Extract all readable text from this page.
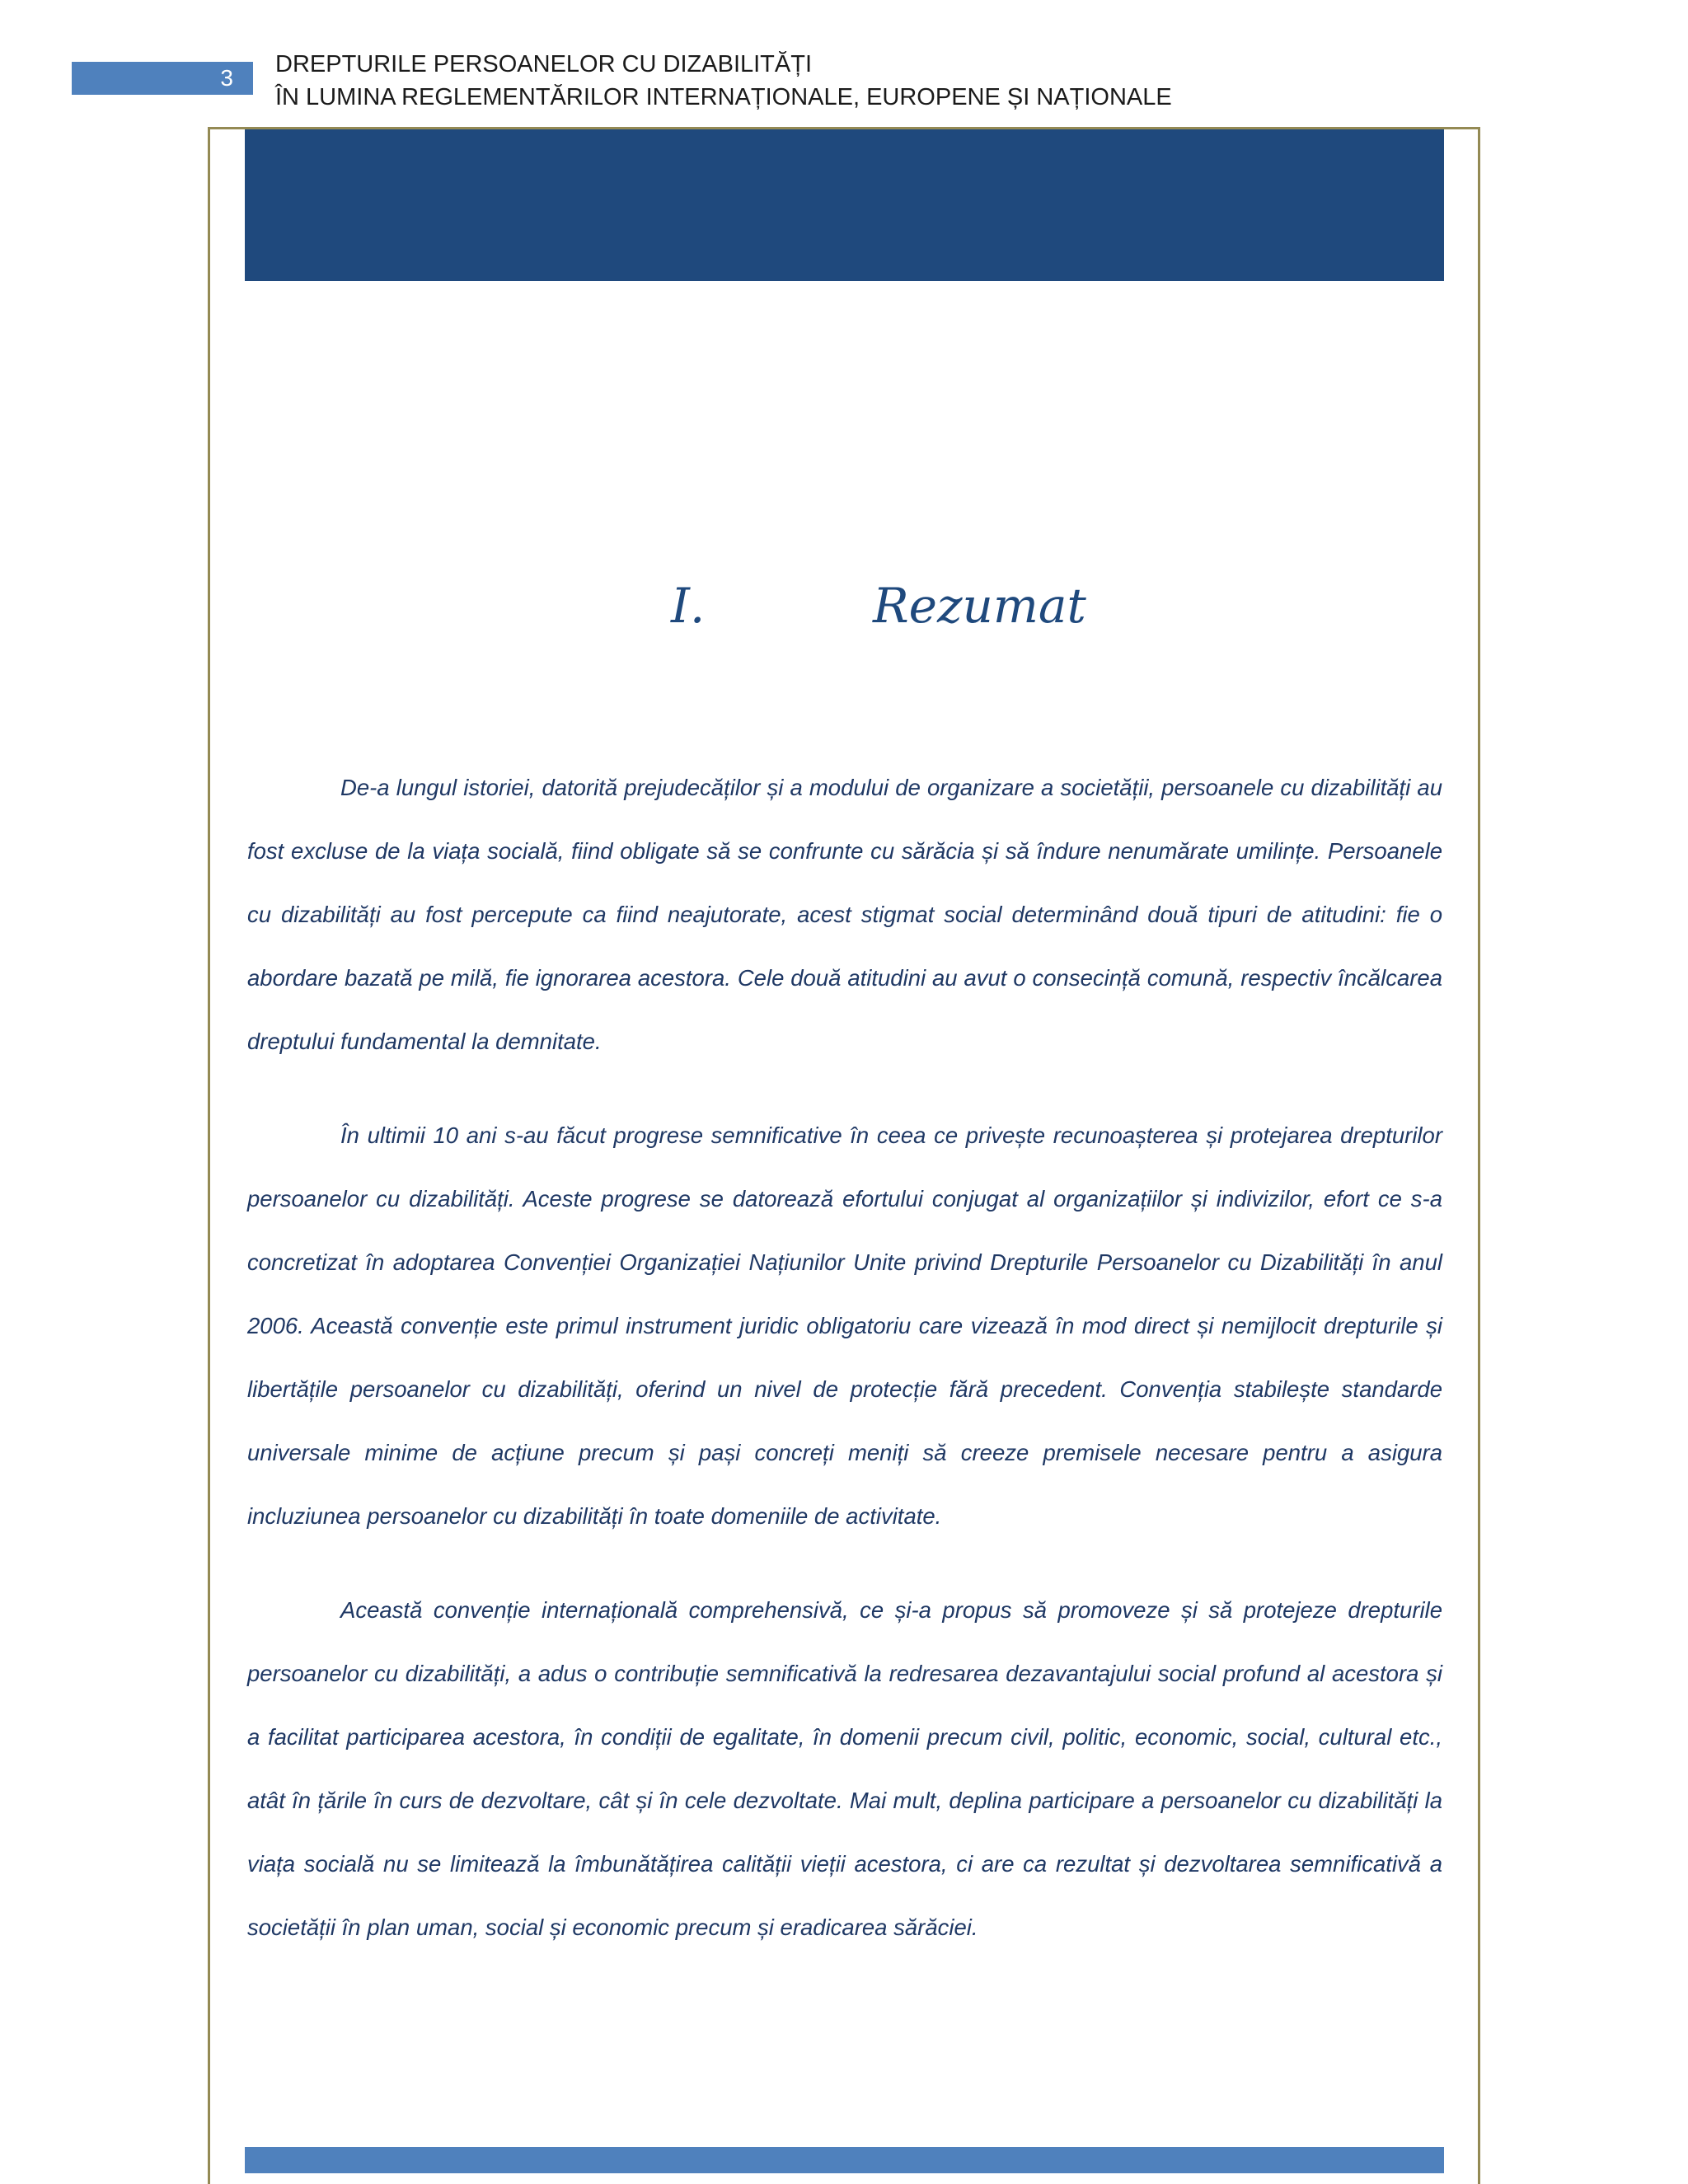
3
DREPTURILE PERSOANELOR CU DIZABILITĂȚI
ÎN LUMINA REGLEMENTĂRILOR INTERNAȚIONALE, EUROPENE ȘI NAȚIONALE
I.	Rezumat

De-a lungul istoriei, datorită prejudecăților și a modului de organizare a societății, persoanele cu dizabilități au fost excluse de la viața socială, fiind obligate să se confrunte cu sărăcia și să îndure nenumărate umilințe. Persoanele cu dizabilități au fost percepute ca fiind neajutorate, acest stigmat social determinând două tipuri de atitudini: fie o abordare bazată pe milă, fie ignorarea acestora. Cele două atitudini au avut o consecință comună, respectiv încălcarea dreptului fundamental la demnitate.

În ultimii 10 ani s-au făcut progrese semnificative în ceea ce privește recunoașterea și protejarea drepturilor persoanelor cu dizabilități. Aceste progrese se datorează efortului conjugat al organizațiilor și indivizilor, efort ce s-a concretizat în adoptarea Convenției Organizației Națiunilor Unite privind Drepturile Persoanelor cu Dizabilități în anul 2006. Această convenție este primul instrument juridic obligatoriu care vizează în mod direct și nemijlocit drepturile și libertățile persoanelor cu dizabilități, oferind un nivel de protecție fără precedent. Convenția stabilește standarde universale minime de acțiune precum și pași concreți meniți să creeze premisele necesare pentru a asigura incluziunea persoanelor cu dizabilități în toate domeniile de activitate.

Această convenție internațională comprehensivă, ce și-a propus să promoveze și să protejeze drepturile persoanelor cu dizabilități, a adus o contribuție semnificativă la redresarea dezavantajului social profund al acestora și a facilitat participarea acestora, în condiții de egalitate, în domenii precum civil, politic, economic, social, cultural etc., atât în țările în curs de dezvoltare, cât și în cele dezvoltate. Mai mult, deplina participare a persoanelor cu dizabilități la viața socială nu se limitează la îmbunătățirea calității vieții acestora, ci are ca rezultat și dezvoltarea semnificativă a societății în plan uman, social și economic precum și eradicarea sărăciei.
